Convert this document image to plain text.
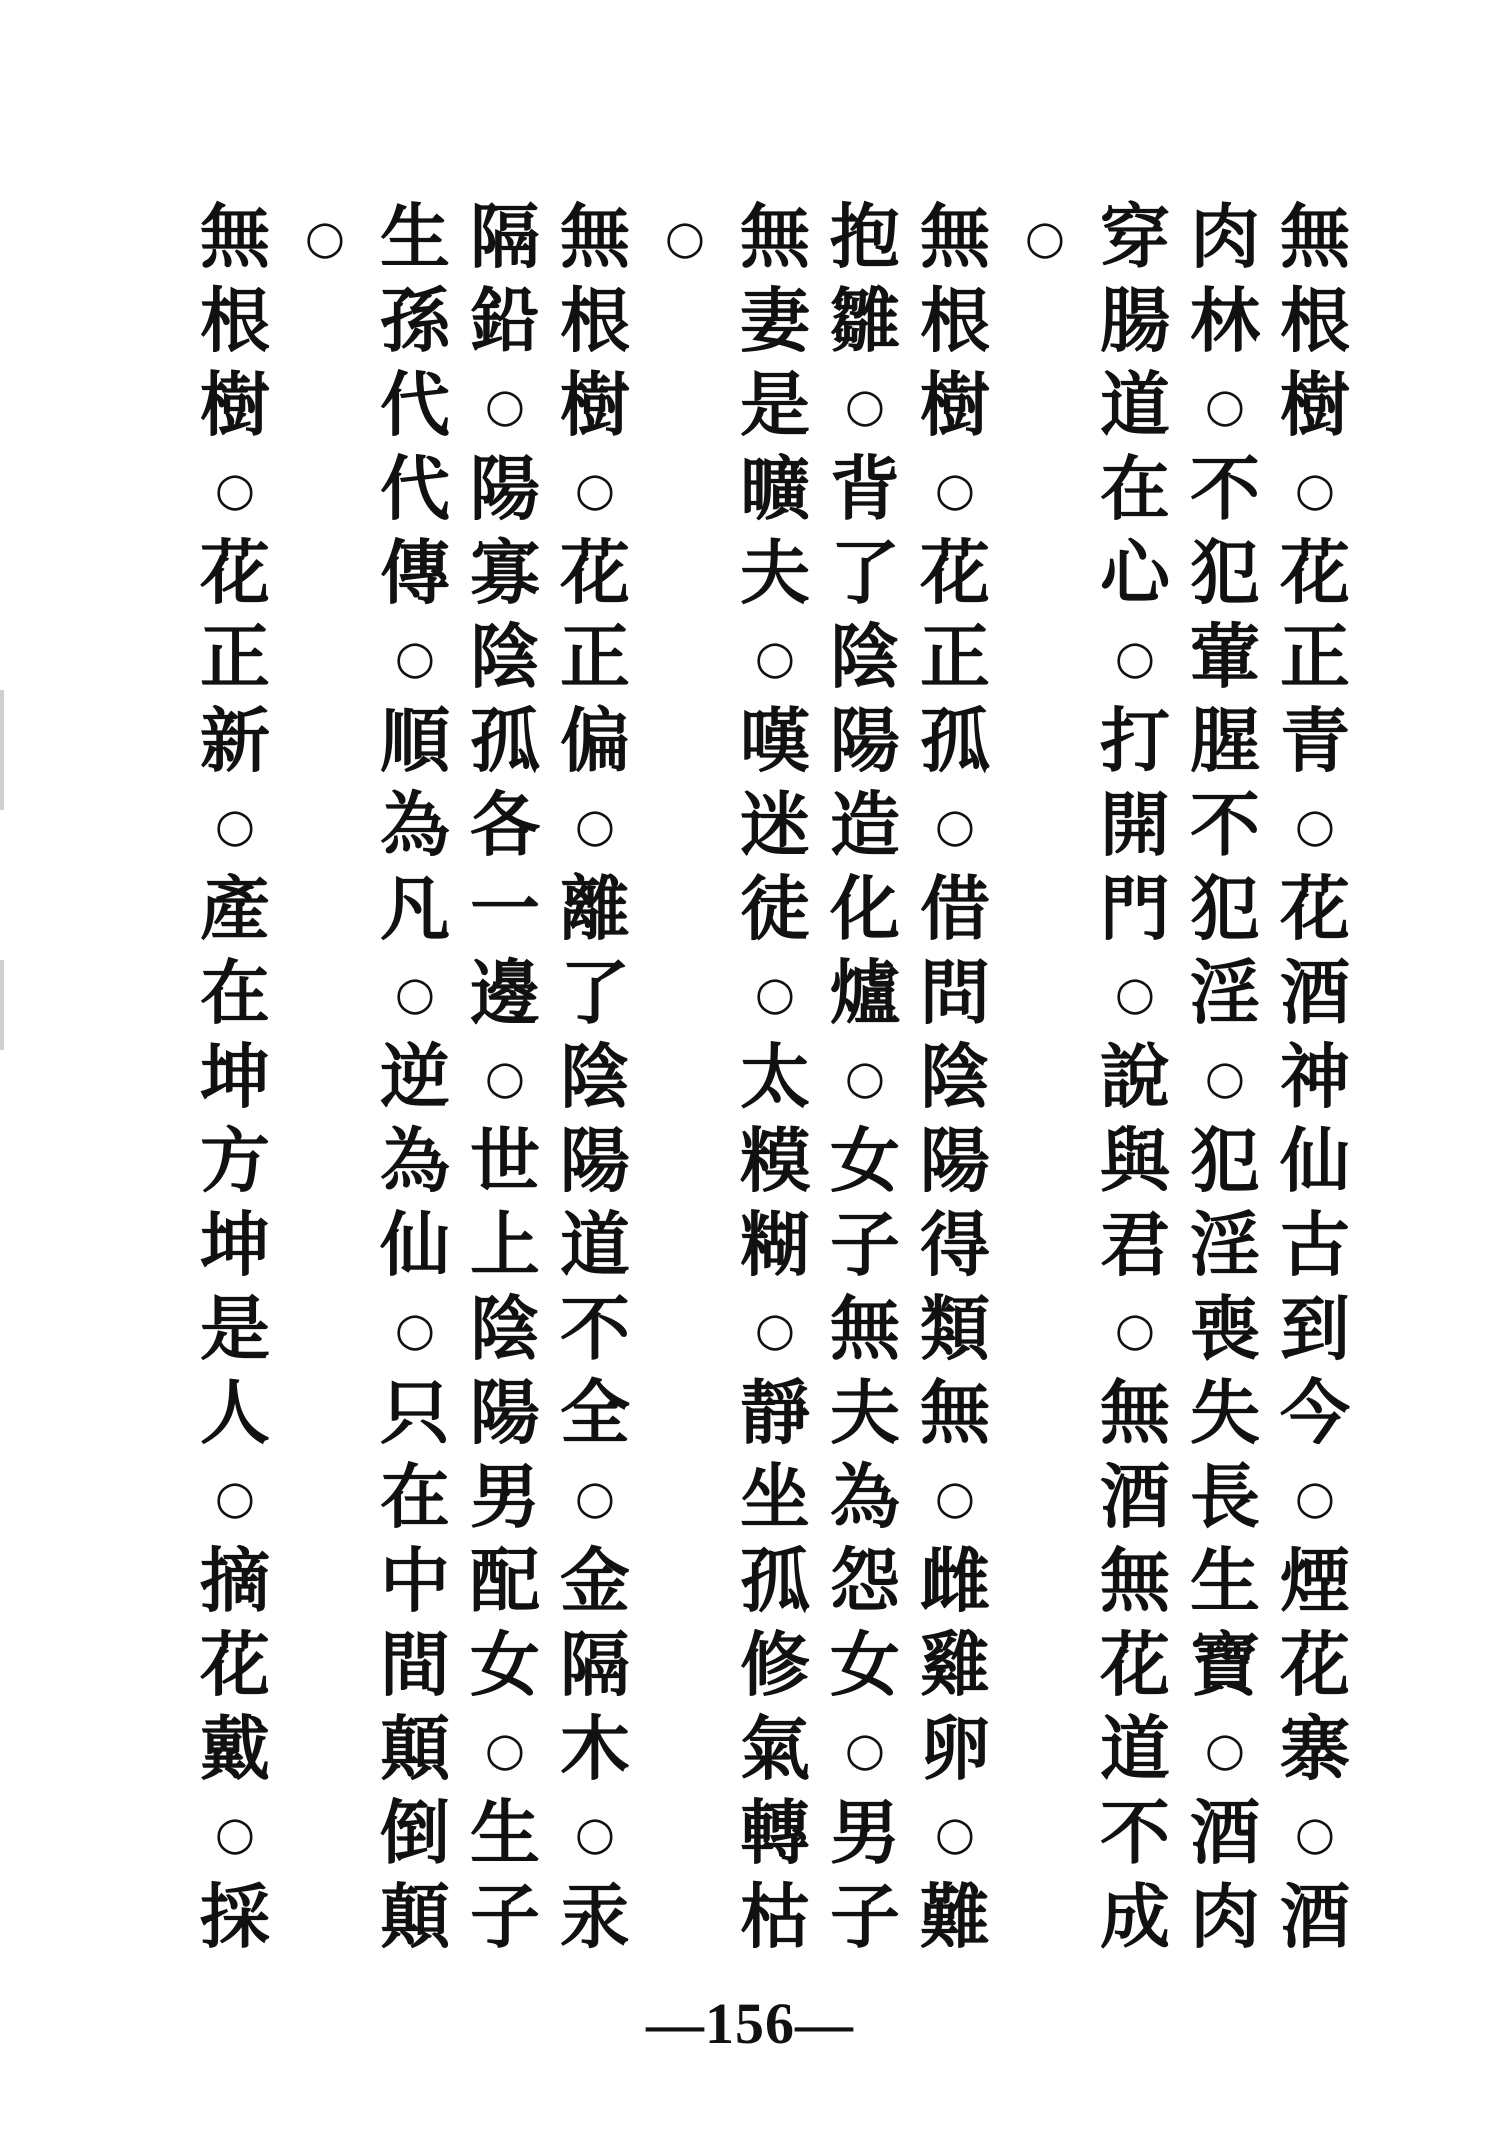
無
根
樹
○
花
正
青
○
花
酒
神
仙
古
到
今
○
煙
花
寨
○
酒
肉
林
○
不
犯
葷
腥
不
犯
淫
○
犯
淫
喪
失
長
生
寶
○
酒
肉
穿
腸
道
在
心
○
打
開
門
○
說
與
君
○
無
酒
無
花
道
不
成
○
無
根
樹
○
花
正
孤
○
借
問
陰
陽
得
類
無
○
雌
雞
卵
○
難
抱
雛
○
背
了
陰
陽
造
化
爐
○
女
子
無
夫
為
怨
女
○
男
子
無
妻
是
曠
夫
○
嘆
迷
徒
○
太
糢
糊
○
靜
坐
孤
修
氣
轉
枯
○
無
根
樹
○
花
正
偏
○
離
了
陰
陽
道
不
全
○
金
隔
木
○
汞
隔
鉛
○
陽
寡
陰
孤
各
一
邊
○
世
上
陰
陽
男
配
女
○
生
子
生
孫
代
代
傳
○
順
為
凡
○
逆
為
仙
○
只
在
中
間
顛
倒
顛
○
無
根
樹
○
花
正
新
○
產
在
坤
方
坤
是
人
○
摘
花
戴
○
採
—156—
